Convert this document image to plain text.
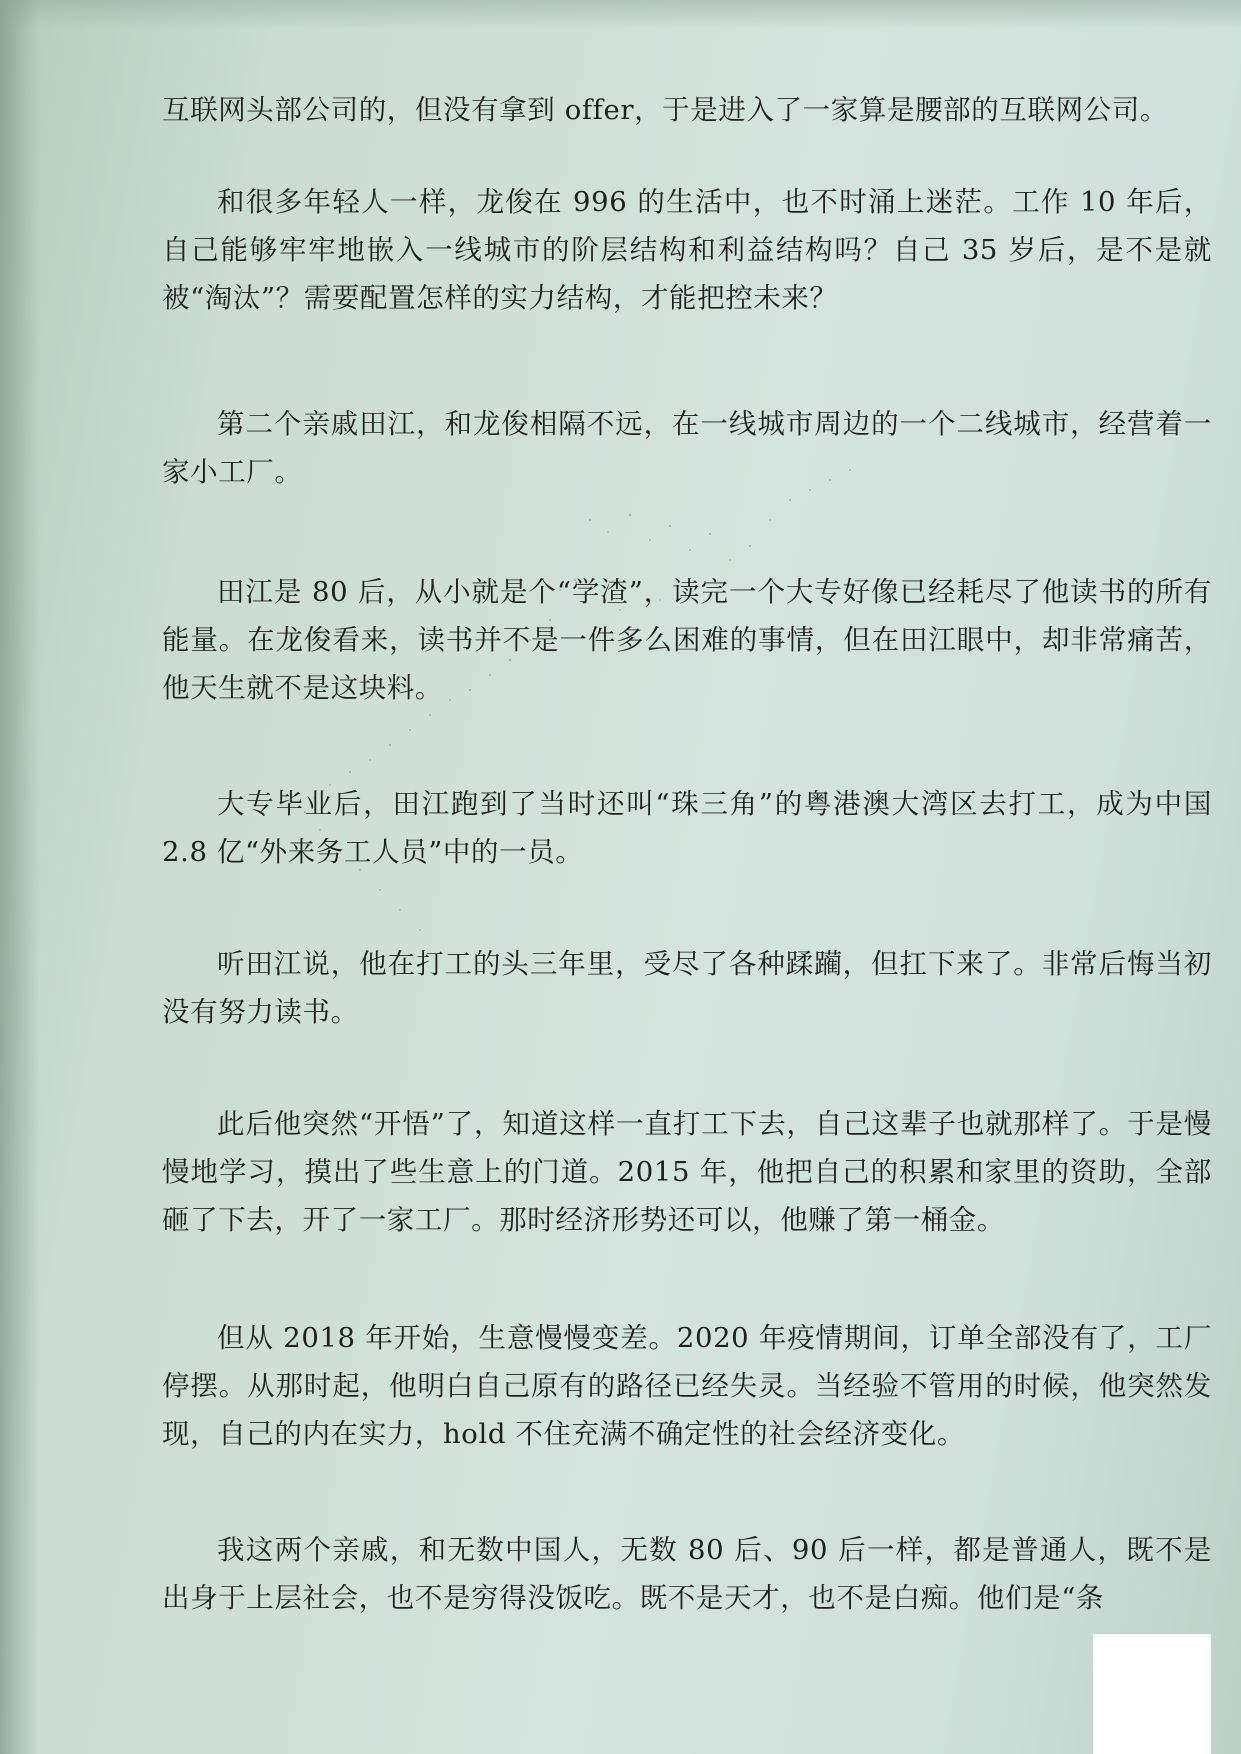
互联网头部公司的，但没有拿到 offer，于是进入了一家算是腰部的互联网公司。

和很多年轻人一样，龙俊在 996 的生活中，也不时涌上迷茫。工作 10 年后，自己能够牢牢地嵌入一线城市的阶层结构和利益结构吗？自己 35 岁后，是不是就被“淘汰”？需要配置怎样的实力结构，才能把控未来？

第二个亲戚田江，和龙俊相隔不远，在一线城市周边的一个二线城市，经营着一家小工厂。

田江是 80 后，从小就是个“学渣”，读完一个大专好像已经耗尽了他读书的所有能量。在龙俊看来，读书并不是一件多么困难的事情，但在田江眼中，却非常痛苦，他天生就不是这块料。

大专毕业后，田江跑到了当时还叫“珠三角”的粤港澳大湾区去打工，成为中国 2.8 亿“外来务工人员”中的一员。

听田江说，他在打工的头三年里，受尽了各种蹂躏，但扛下来了。非常后悔当初没有努力读书。

此后他突然“开悟”了，知道这样一直打工下去，自己这辈子也就那样了。于是慢慢地学习，摸出了些生意上的门道。2015 年，他把自己的积累和家里的资助，全部砸了下去，开了一家工厂。那时经济形势还可以，他赚了第一桶金。

但从 2018 年开始，生意慢慢变差。2020 年疫情期间，订单全部没有了，工厂停摆。从那时起，他明白自己原有的路径已经失灵。当经验不管用的时候，他突然发现，自己的内在实力，hold 不住充满不确定性的社会经济变化。

我这两个亲戚，和无数中国人，无数 80 后、90 后一样，都是普通人，既不是出身于上层社会，也不是穷得没饭吃。既不是天才，也不是白痴。他们是“条
